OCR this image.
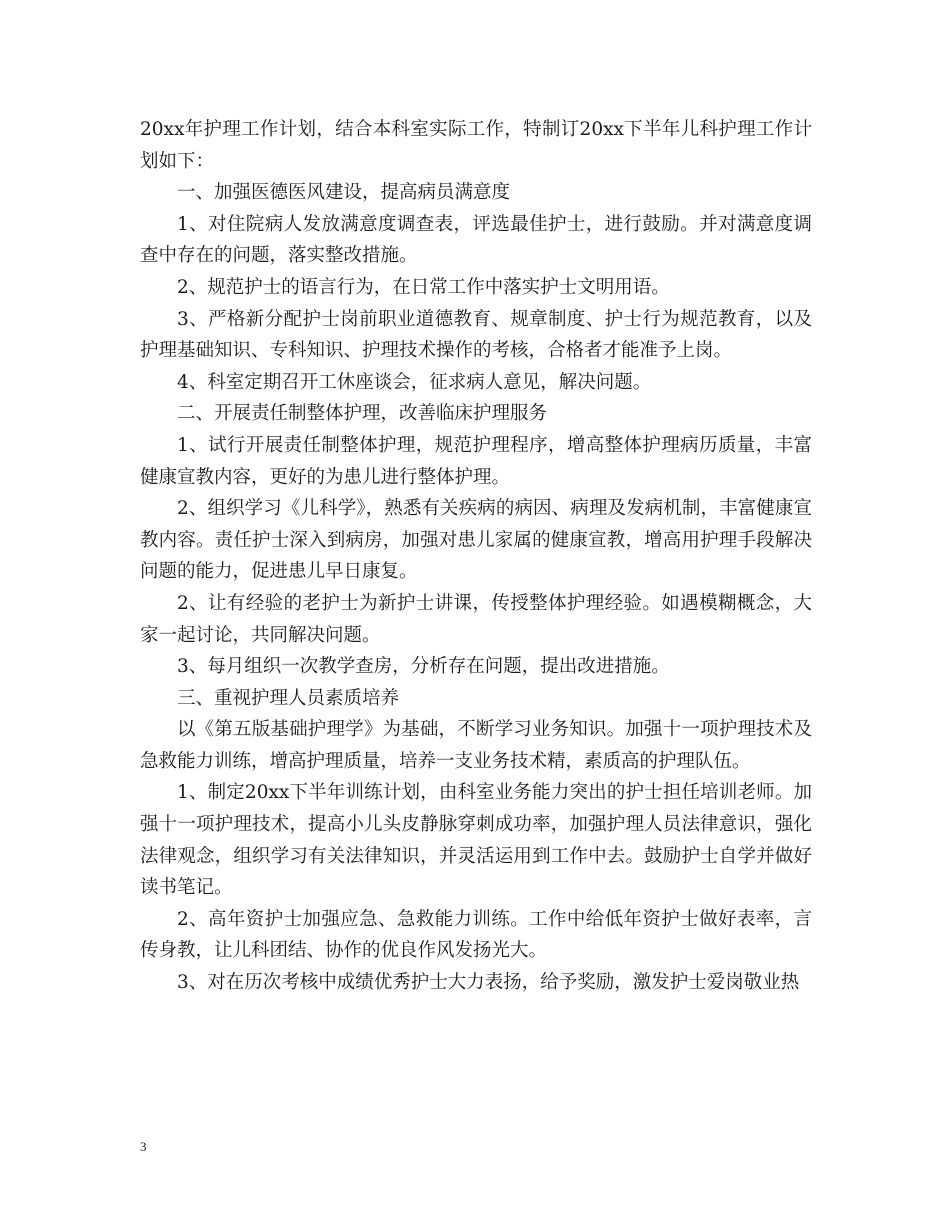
20xx年护理工作计划，结合本科室实际工作，特制订20xx下半年儿科护理工作计划如下：

一、加强医德医风建设，提高病员满意度

1、对住院病人发放满意度调查表，评选最佳护士，进行鼓励。并对满意度调查中存在的问题，落实整改措施。

2、规范护士的语言行为，在日常工作中落实护士文明用语。

3、严格新分配护士岗前职业道德教育、规章制度、护士行为规范教育，以及护理基础知识、专科知识、护理技术操作的考核，合格者才能准予上岗。

4、科室定期召开工休座谈会，征求病人意见，解决问题。

二、开展责任制整体护理，改善临床护理服务

1、试行开展责任制整体护理，规范护理程序，增高整体护理病历质量，丰富健康宣教内容，更好的为患儿进行整体护理。

2、组织学习《儿科学》，熟悉有关疾病的病因、病理及发病机制，丰富健康宣教内容。责任护士深入到病房，加强对患儿家属的健康宣教，增高用护理手段解决问题的能力，促进患儿早日康复。

2、让有经验的老护士为新护士讲课，传授整体护理经验。如遇模糊概念，大家一起讨论，共同解决问题。

3、每月组织一次教学查房，分析存在问题，提出改进措施。

三、重视护理人员素质培养

以《第五版基础护理学》为基础，不断学习业务知识。加强十一项护理技术及急救能力训练，增高护理质量，培养一支业务技术精，素质高的护理队伍。

1、制定20xx下半年训练计划，由科室业务能力突出的护士担任培训老师。加强十一项护理技术，提高小儿头皮静脉穿刺成功率，加强护理人员法律意识，强化法律观念，组织学习有关法律知识，并灵活运用到工作中去。鼓励护士自学并做好读书笔记。

2、高年资护士加强应急、急救能力训练。工作中给低年资护士做好表率，言传身教，让儿科团结、协作的优良作风发扬光大。

3、对在历次考核中成绩优秀护士大力表扬，给予奖励，激发护士爱岗敬业热

3
